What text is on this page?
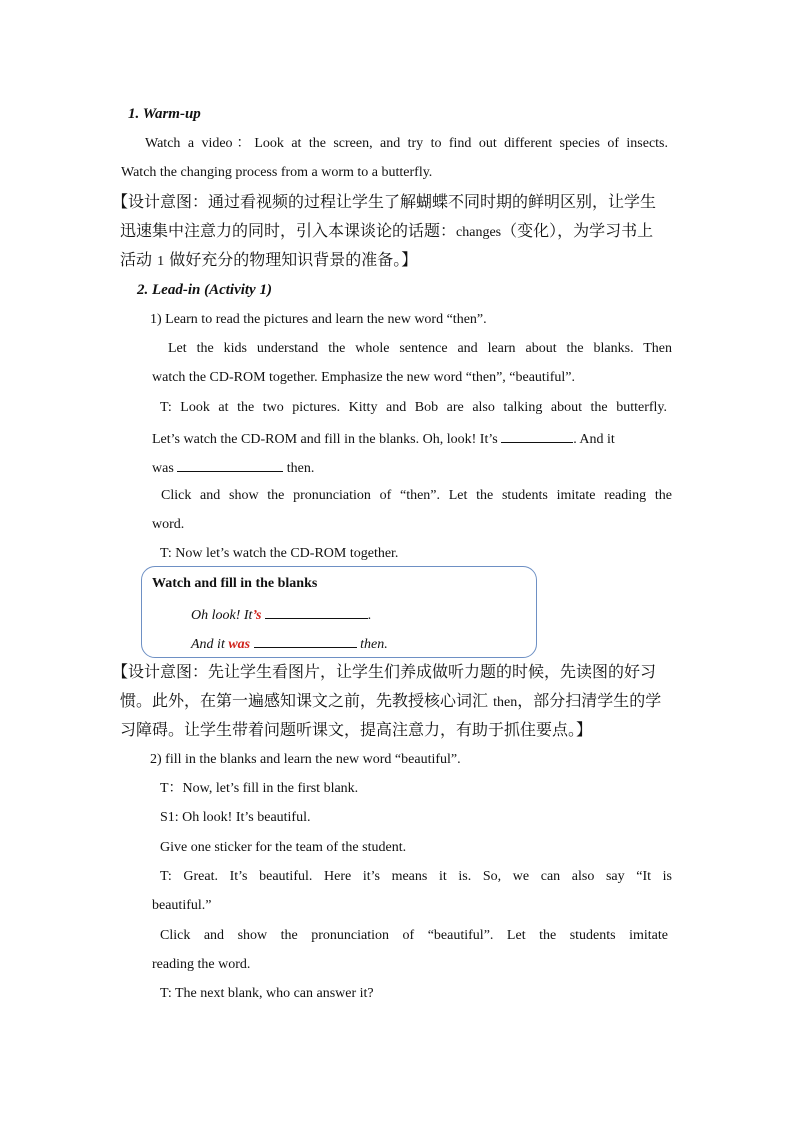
1. Warm-up
Watch a video：Look at the screen, and try to find out different species of insects.
Watch the changing process from a worm to a butterfly.
【设计意图：通过看视频的过程让学生了解蝴蝶不同时期的鲜明区别，让学生
迅速集中注意力的同时，引入本课谈论的话题：changes（变化），为学习书上
活动 1 做好充分的物理知识背景的准备。】
2. Lead-in (Activity 1)
1) Learn to read the pictures and learn the new word “then”.
Let the kids understand the whole sentence and learn about the blanks. Then
watch the CD-ROM together. Emphasize the new word “then”, “beautiful”.
T: Look at the two pictures. Kitty and Bob are also talking about the butterfly.
Let’s watch the CD-ROM and fill in the blanks. Oh, look! It’s	. And it
was	then.
Click and show the pronunciation of “then”. Let the students imitate reading the
word.
T: Now let’s watch the CD-ROM together.
Watch and fill in the blanks
Oh look! It’s	.
And it was	then.
【设计意图：先让学生看图片，让学生们养成做听力题的时候，先读图的好习
惯。此外，在第一遍感知课文之前，先教授核心词汇 then，部分扫清学生的学
习障碍。让学生带着问题听课文，提高注意力，有助于抓住要点。】
2) fill in the blanks and learn the new word “beautiful”.
T：Now, let’s fill in the first blank.
S1: Oh look! It’s beautiful.
Give one sticker for the team of the student.
T: Great. It’s beautiful. Here it’s means it is. So, we can also say “It is
beautiful.”
Click and show the pronunciation of “beautiful”. Let the students imitate
reading the word.
T: The next blank, who can answer it?
